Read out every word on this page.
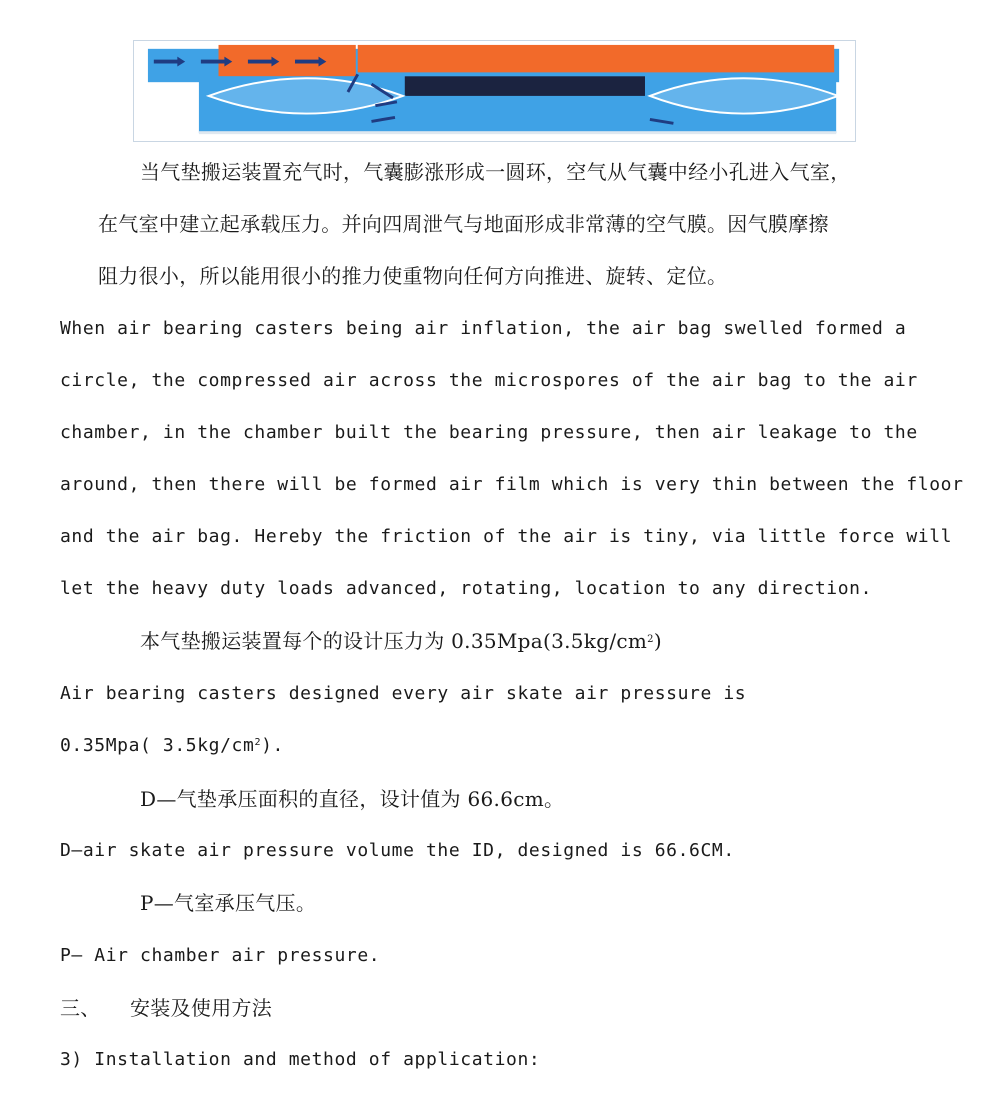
当气垫搬运装置充气时，气囊膨涨形成一圆环，空气从气囊中经小孔进入气室，
在气室中建立起承载压力。并向四周泄气与地面形成非常薄的空气膜。因气膜摩擦
阻力很小，所以能用很小的推力使重物向任何方向推进、旋转、定位。
When air bearing casters being air inflation, the air bag swelled formed a
circle, the compressed air across the microspores of the air bag to the air
chamber, in the chamber built the bearing pressure, then air leakage to the
around, then there will be formed air film which is very thin between the floor
and the air bag. Hereby the friction of the air is tiny, via little force will
let the heavy duty loads advanced, rotating, location to any direction.
本气垫搬运装置每个的设计压力为 $0.35Mpa(3.5kg/cm^2)$
Air bearing casters designed every air skate air pressure is
0.35Mpa( $3.5kg/cm^2$).
D—气垫承压面积的直径，设计值为 66.6cm。
D—air skate air pressure volume the ID, designed is 66.6CM.
P—气室承压气压。
P— Air chamber air pressure.
三、 安装及使用方法
3) Installation and method of application:
